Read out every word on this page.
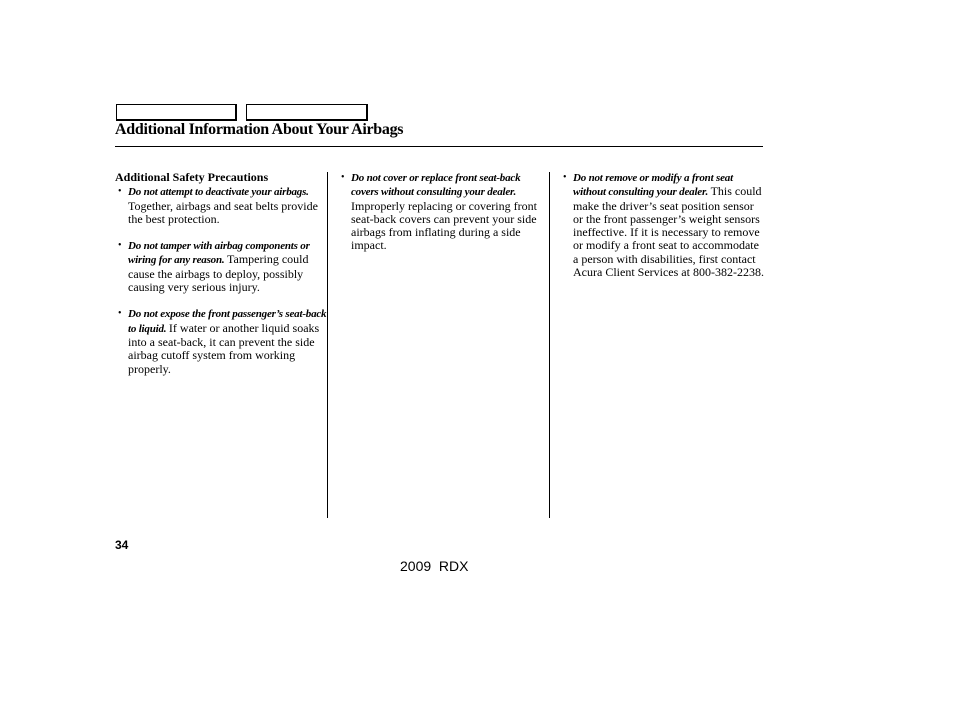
Additional Information About Your Airbags
Additional Safety Precautions
• Do not attempt to deactivate your airbags. Together, airbags and seat belts provide the best protection.
• Do not tamper with airbag components or wiring for any reason. Tampering could cause the airbags to deploy, possibly causing very serious injury.
• Do not expose the front passenger’s seat-back to liquid. If water or another liquid soaks into a seat-back, it can prevent the side airbag cutoff system from working properly.
• Do not cover or replace front seat-back covers without consulting your dealer. Improperly replacing or covering front seat-back covers can prevent your side airbags from inflating during a side impact.
• Do not remove or modify a front seat without consulting your dealer. This could make the driver’s seat position sensor or the front passenger’s weight sensors ineffective. If it is necessary to remove or modify a front seat to accommodate a person with disabilities, first contact Acura Client Services at 800-382-2238.
34
2009  RDX
